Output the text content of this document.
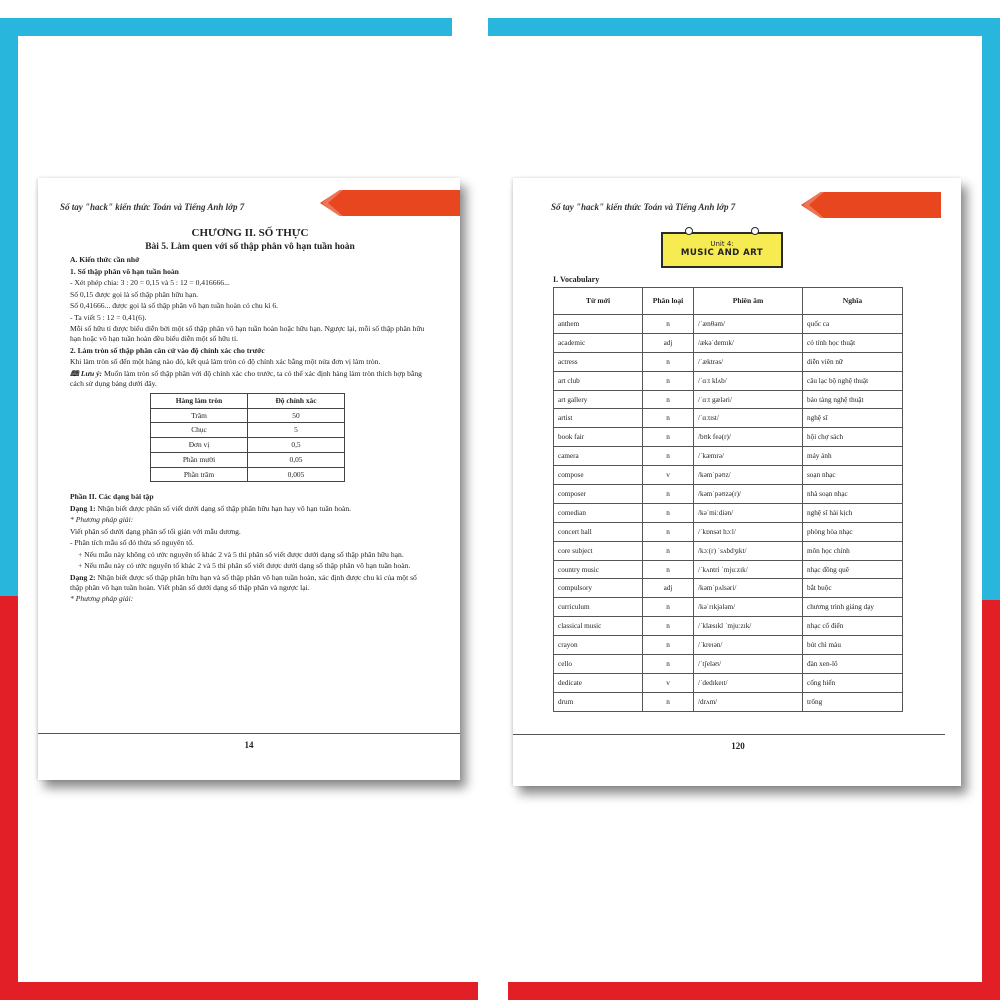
Sổ tay "hack" kiến thức Toán và Tiếng Anh lớp 7
CHƯƠNG II. SỐ THỰC
Bài 5. Làm quen với số thập phân vô hạn tuần hoàn

A. Kiến thức cần nhớ

1. Số thập phân vô hạn tuần hoàn

- Xét phép chia: 3 : 20 = 0,15 và 5 : 12 = 0,416666...

Số 0,15 được gọi là số thập phân hữu hạn.

Số 0,41666... được gọi là số thập phân vô hạn tuần hoàn có chu kì 6.

- Ta viết 5 : 12 = 0,41(6).

Mỗi số hữu tỉ được biểu diễn bởi một số thập phân vô hạn tuần hoàn hoặc hữu hạn. Ngược lại, mỗi số thập phân hữu hạn hoặc vô hạn tuần hoàn đều biểu diễn một số hữu tỉ.

2. Làm tròn số thập phân căn cứ vào độ chính xác cho trước

Khi làm tròn số đến một hàng nào đó, kết quả làm tròn có độ chính xác bằng một nửa đơn vị làm tròn.

🕮 Lưu ý: Muốn làm tròn số thập phân với độ chính xác cho trước, ta có thể xác định hàng làm tròn thích hợp bằng cách sử dụng bảng dưới đây.

Hàng làm tròn	Độ chính xác
Trăm	50
Chục	5
Đơn vị	0,5
Phần mười	0,05
Phần trăm	0,005

Phần II. Các dạng bài tập

Dạng 1: Nhận biết được phân số viết dưới dạng số thập phân hữu hạn hay vô hạn tuần hoàn.

* Phương pháp giải:

Viết phân số dưới dạng phân số tối giản với mẫu dương.

- Phân tích mẫu số đó thừa số nguyên tố.

+ Nếu mẫu này không có ước nguyên tố khác 2 và 5 thì phân số viết được dưới dạng số thập phân hữu hạn.

+ Nếu mẫu này có ước nguyên tố khác 2 và 5 thì phân số viết được dưới dạng số thập phân vô hạn tuần hoàn.

Dạng 2: Nhận biết được số thập phân hữu hạn và số thập phân vô hạn tuần hoàn, xác định được chu kì của một số thập phân vô hạn tuần hoàn. Viết phân số dưới dạng số thập phân và ngược lại.

* Phương pháp giải:

14
Sổ tay "hack" kiến thức Toán và Tiếng Anh lớp 7
Unit 4:
MUSIC AND ART
I. Vocabulary
Từ mới	Phân loại	Phiên âm	Nghĩa
anthem	n	/ˈænθəm/	quốc ca
academic	adj	/ækəˈdemɪk/	có tính học thuật
actress	n	/ˈæktrəs/	diễn viên nữ
art club	n	/ˈɑːt klʌb/	câu lạc bộ nghệ thuật
art gallery	n	/ˈɑːt gæləri/	bảo tàng nghệ thuật
artist	n	/ˈɑːtɪst/	nghệ sĩ
book fair	n	/bʊk feə(r)/	hội chợ sách
camera	n	/ˈkæmrə/	máy ảnh
compose	v	/kəmˈpəʊz/	soạn nhạc
composer	n	/kəmˈpəʊzə(r)/	nhà soạn nhạc
comedian	n	/kəˈmiːdiən/	nghệ sĩ hài kịch
concert hall	n	/ˈkɒnsət hɔːl/	phòng hòa nhạc
core subject	n	/kɔː(r) ˈsʌbdʒɪkt/	môn học chính
country music	n	/ˈkʌntri ˈmjuːzɪk/	nhạc đồng quê
compulsory	adj	/kəmˈpʌlsəri/	bắt buộc
curriculum	n	/kəˈrɪkjələm/	chương trình giảng dạy
classical music	n	/ˈklæsɪkl ˈmjuːzɪk/	nhạc cổ điển
crayon	n	/ˈkreɪən/	bút chì màu
cello	n	/ˈtʃeləʊ/	đàn xen-lô
dedicate	v	/ˈdedɪkeɪt/	cống hiến
drum	n	/drʌm/	trống
120
